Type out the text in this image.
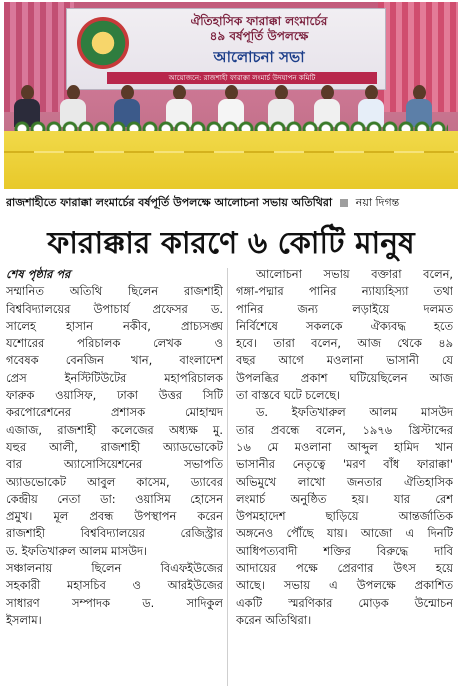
ঐতিহাসিক ফারাক্কা লংমার্চের
৪৯ বর্ষপূর্তি উপলক্ষে
আলোচনা সভা
আয়োজনে: রাজশাহী ফারাক্কা লংমার্চ উদযাপন কমিটি
রাজশাহীতে ফারাক্কা লংমার্চের বর্ষপূর্তি উপলক্ষে আলোচনা সভায় অতিথিরা নয়া দিগন্ত
ফারাক্কার কারণে ৬ কোটি মানুষ
শেষ পৃষ্ঠার পর
সম্মানিত অতিথি ছিলেন রাজশাহী
বিশ্ববিদ্যালয়ের উপাচার্য প্রফেসর ড.
সালেহ হাসান নকীব, প্রাচ্যসঙ্ঘ
যশোরের পরিচালক লেখক ও
গবেষক বেনজিন খান, বাংলাদেশ
প্রেস ইনস্টিটিউটের মহাপরিচালক
ফারুক ওয়াসিফ, ঢাকা উত্তর সিটি
করপোরেশনের প্রশাসক মোহাম্মদ
এজাজ, রাজশাহী কলেজের অধ্যক্ষ মু.
যহুর আলী, রাজশাহী অ্যাডভোকেট
বার অ্যাসোসিয়েশনের সভাপতি
অ্যাডভোকেট আবুল কাসেম, ড্যাবের
কেন্দ্রীয় নেতা ডা: ওয়াসিম হোসেন
প্রমুখ। মূল প্রবন্ধ উপস্থাপন করেন
রাজশাহী বিশ্ববিদ্যালয়ের রেজিস্ট্রার
ড. ইফতিখারুল আলম মাসউদ।
সঞ্চালনায় ছিলেন বিএফইউজের
সহকারী মহাসচিব ও আরইউজের
সাধারণ সম্পাদক ড. সাদিকুল
ইসলাম।
আলোচনা সভায় বক্তারা বলেন,
গঙ্গা-পদ্মার পানির ন্যায্যহিস্যা তথা
পানির জন্য লড়াইয়ে দলমত
নির্বিশেষে সকলকে ঐক্যবদ্ধ হতে
হবে। তারা বলেন, আজ থেকে ৪৯
বছর আগে মওলানা ভাসানী যে
উপলব্ধির প্রকাশ ঘটিয়েছিলেন আজ
তা বাস্তবে ঘটে চলেছে।
ড. ইফতিখারুল আলম মাসউদ
তার প্রবন্ধে বলেন, ১৯৭৬ খ্রিস্টাব্দের
১৬ মে মওলানা আব্দুল হামিদ খান
ভাসানীর নেতৃত্বে 'মরণ বাঁধ ফারাক্কা'
অভিমুখে লাখো জনতার ঐতিহাসিক
লংমার্চ অনুষ্ঠিত হয়। যার রেশ
উপমহাদেশ ছাড়িয়ে আন্তর্জাতিক
অঙ্গনেও পৌঁছে যায়। আজো এ দিনটি
আধিপত্যবাদী শক্তির বিরুদ্ধে দাবি
আদায়ের পক্ষে প্রেরণার উৎস হয়ে
আছে। সভায় এ উপলক্ষে প্রকাশিত
একটি স্মরণিকার মোড়ক উন্মোচন
করেন অতিথিরা।
